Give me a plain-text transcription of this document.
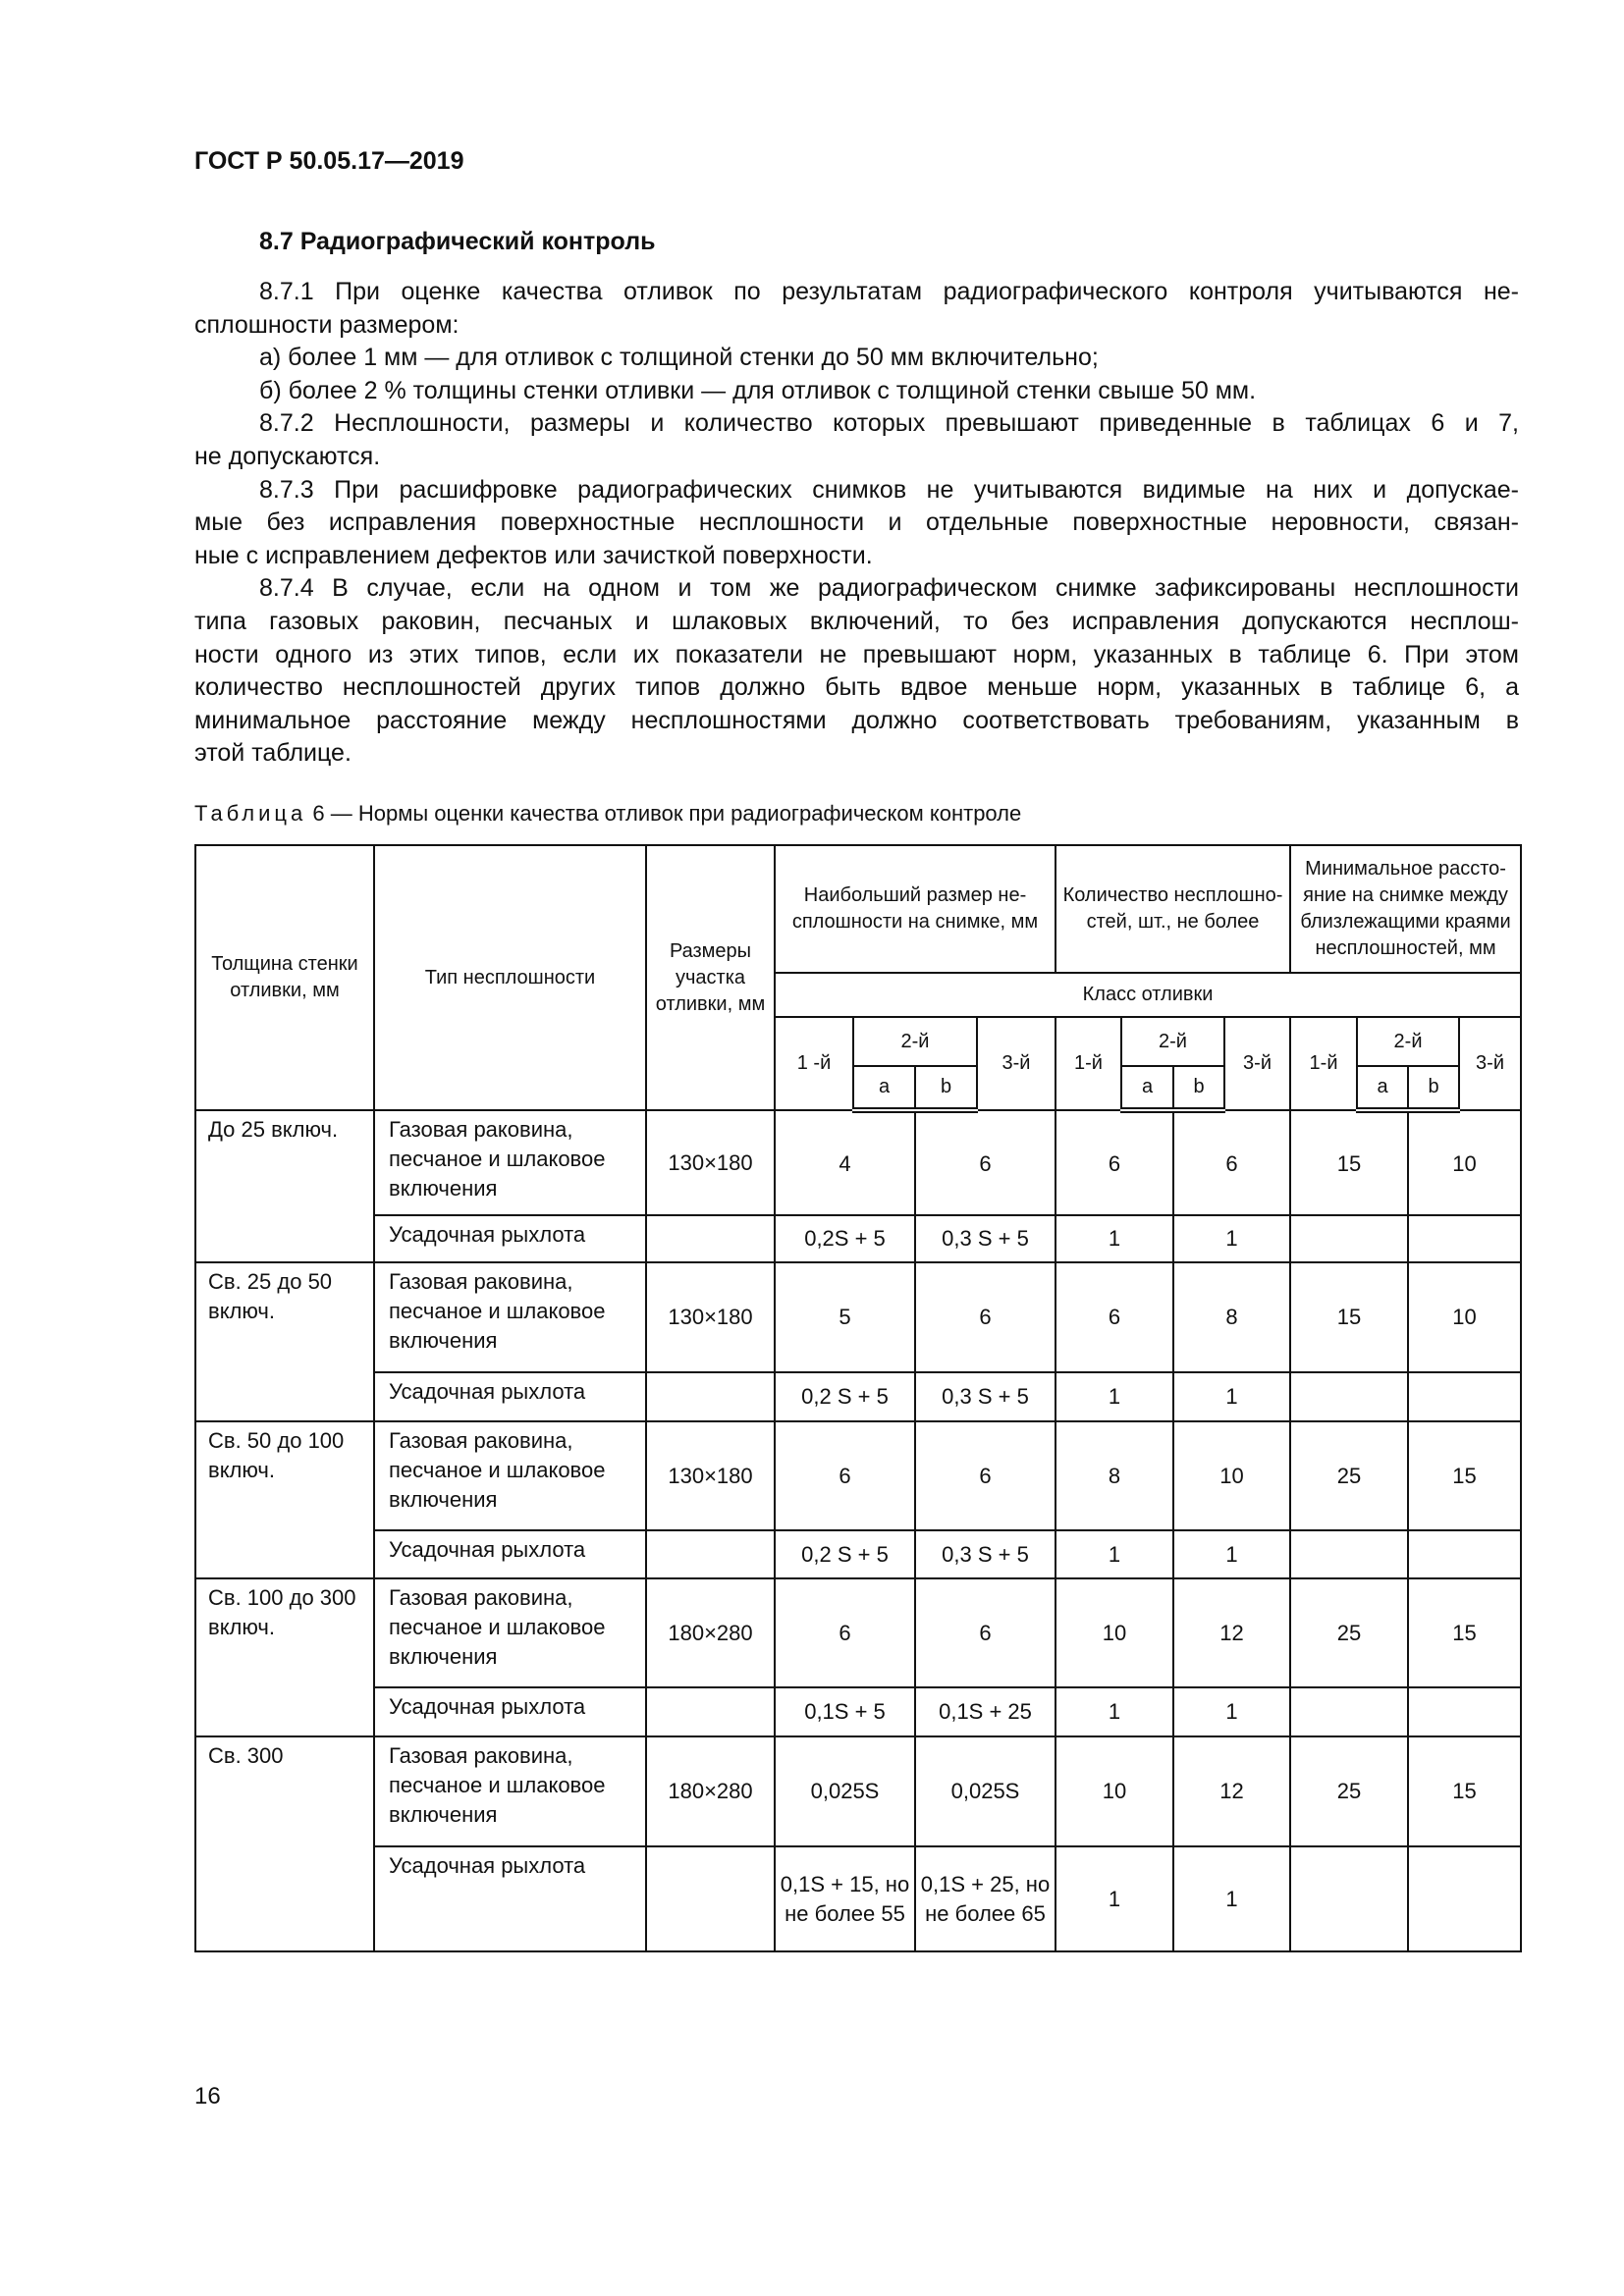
ГОСТ Р 50.05.17—2019
8.7 Радиографический контроль
8.7.1 При оценке качества отливок по результатам радиографического контроля учитываются не-
сплошности размером:
а) более 1 мм — для отливок с толщиной стенки до 50 мм включительно;
б) более 2 % толщины стенки отливки — для отливок с толщиной стенки свыше 50 мм.
8.7.2 Несплошности, размеры и количество которых превышают приведенные в таблицах 6 и 7,
не допускаются.
8.7.3 При расшифровке радиографических снимков не учитываются видимые на них и допускае-
мые без исправления поверхностные несплошности и отдельные поверхностные неровности, связан-
ные с исправлением дефектов или зачисткой поверхности.
8.7.4 В случае, если на одном и том же радиографическом снимке зафиксированы несплошности
типа газовых раковин, песчаных и шлаковых включений, то без исправления допускаются несплош-
ности одного из этих типов, если их показатели не превышают норм, указанных в таблице 6. При этом
количество несплошностей других типов должно быть вдвое меньше норм, указанных в таблице 6, а
минимальное расстояние между несплошностями должно соответствовать требованиям, указанным в
этой таблице.
Таблица 6 — Нормы оценки качества отливок при радиографическом контроле
Толщина стенки отливки, мм	Тип несплошности	Размеры участка отливки, мм	Наибольший размер несплошности на снимке, мм				Количество несплошностей, шт., не более				Минимальное расстояние на снимке между близлежащими краями несплошностей, мм			
			Класс отливки											
			1 -й	2-й		3-й	1-й	2-й		3-й	1-й	2-й		3-й
				a	b			a	b			a	b	
До 25 включ.	Газовая раковина, песчаное и шлаковое включения	130×180	4		6		6		6		15		10	
	Усадочная рыхлота		0,2S + 5		0,3 S + 5		1		1					
Св. 25 до 50 включ.	Газовая раковина, песчаное и шлаковое включения	130×180	5		6		6		8		15		10	
	Усадочная рыхлота		0,2 S + 5		0,3 S + 5		1		1					
Св. 50 до 100 включ.	Газовая раковина, песчаное и шлаковое включения	130×180	6		6		8		10		25		15	
	Усадочная рыхлота		0,2 S + 5		0,3 S + 5		1		1					
Св. 100 до 300 включ.	Газовая раковина, песчаное и шлаковое включения	180×280	6		6		10		12		25		15	
	Усадочная рыхлота		0,1S + 5		0,1S + 25		1		1					
Св. 300	Газовая раковина, песчаное и шлаковое включения	180×280	0,025S		0,025S		10		12		25		15	
	Усадочная рыхлота		0,1S + 15, но не более 55		0,1S + 25, но не более 65		1		1					
16
